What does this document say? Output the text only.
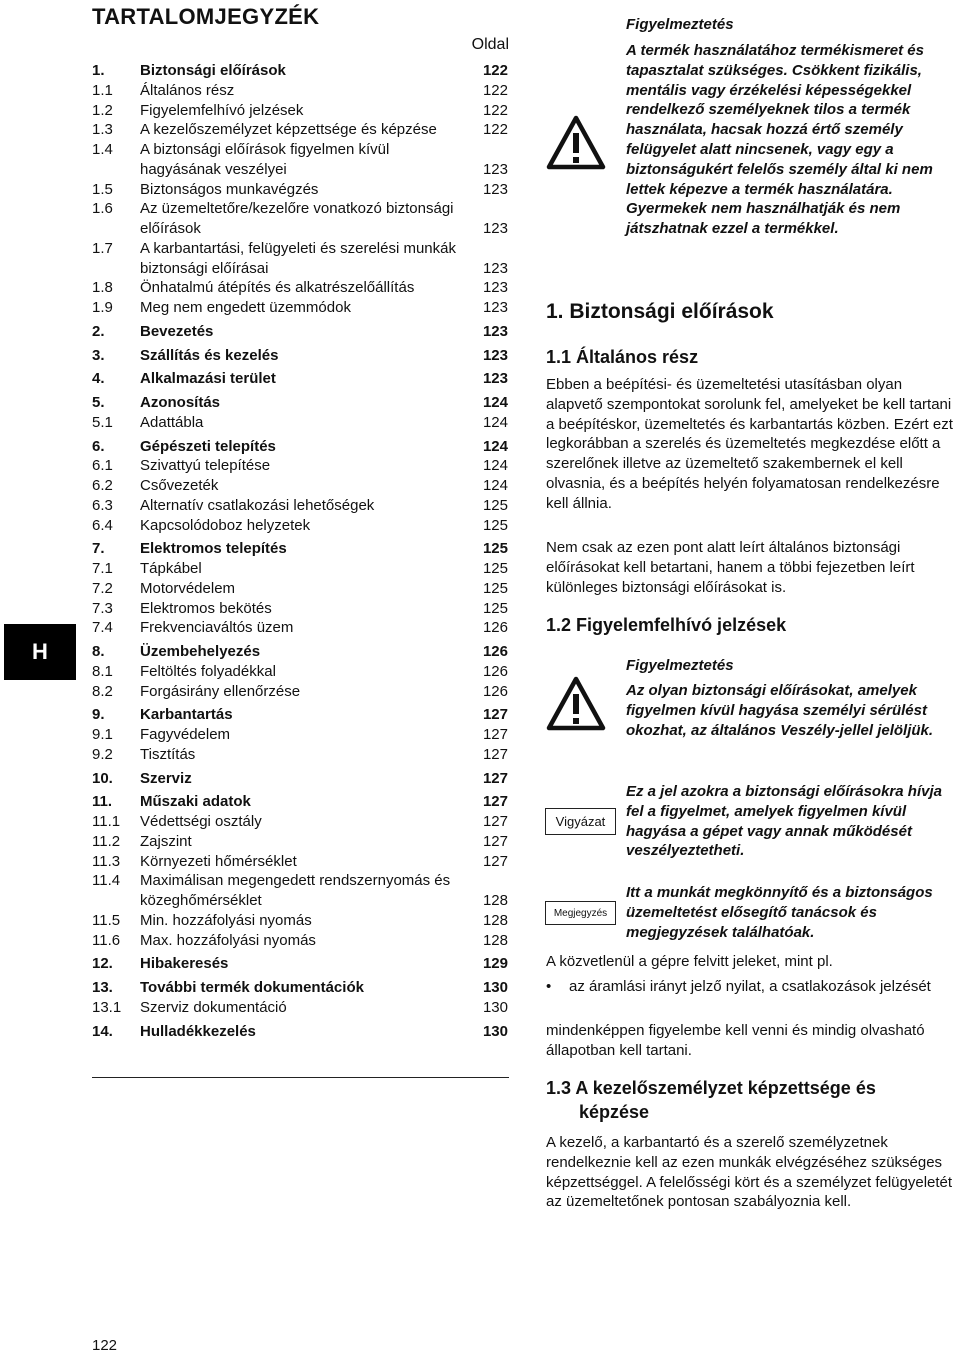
TARTALOMJEGYZÉK
Oldal
1. Biztonsági előírások	122
1.1 Általános rész	122
1.2 Figyelemfelhívó jelzések	122
1.3 A kezelőszemélyzet képzettsége és képzése	122
1.4 A biztonsági előírások figyelmen kívül hagyásának veszélyei	123
1.5 Biztonságos munkavégzés	123
1.6 Az üzemeltetőre/kezelőre vonatkozó biztonsági előírások	123
1.7 A karbantartási, felügyeleti és szerelési munkák biztonsági előírásai	123
1.8 Önhatalmú átépítés és alkatrészelőállítás	123
1.9 Meg nem engedett üzemmódok	123
2. Bevezetés	123
3. Szállítás és kezelés	123
4. Alkalmazási terület	123
5. Azonosítás	124
5.1 Adattábla	124
6. Gépészeti telepítés	124
6.1 Szivattyú telepítése	124
6.2 Csővezeték	124
6.3 Alternatív csatlakozási lehetőségek	125
6.4 Kapcsolódoboz helyzetek	125
7. Elektromos telepítés	125
7.1 Tápkábel	125
7.2 Motorvédelem	125
7.3 Elektromos bekötés	125
7.4 Frekvenciaváltós üzem	126
8. Üzembehelyezés	126
8.1 Feltöltés folyadékkal	126
8.2 Forgásirány ellenőrzése	126
9. Karbantartás	127
9.1 Fagyvédelem	127
9.2 Tisztítás	127
10. Szerviz	127
11. Műszaki adatok	127
11.1 Védettségi osztály	127
11.2 Zajszint	127
11.3 Környezeti hőmérséklet	127
11.4 Maximálisan megengedett rendszernyomás és közeghőmérséklet	128
11.5 Min. hozzáfolyási nyomás	128
11.6 Max. hozzáfolyási nyomás	128
12. Hibakeresés	129
13. További termék dokumentációk	130
13.1 Szerviz dokumentáció	130
14. Hulladékkezelés	130
H
122
Figyelmeztetés
A termék használatához termékismeret és tapasztalat szükséges. Csökkent fizikális, mentális vagy érzékelési képességekkel rendelkező személyeknek tilos a termék használata, hacsak hozzá értő személy felügyelet alatt nincsenek, vagy egy a biztonságukért felelős személy által ki nem lettek képezve a termék használatára. Gyermekek nem használhatják és nem játszhatnak ezzel a termékkel.
1. Biztonsági előírások
1.1 Általános rész
Ebben a beépítési- és üzemeltetési utasításban olyan alapvető szempontokat sorolunk fel, amelyeket be kell tartani a beépítéskor, üzemeltetés és karbantartás közben. Ezért ezt legkorábban a szerelés és üzemeltetés megkezdése előtt a szerelőnek illetve az üzemeltető szakembernek el kell olvasnia, és a beépítés helyén folyamatosan rendelkezésre kell állnia.
Nem csak az ezen pont alatt leírt általános biztonsági előírásokat kell betartani, hanem a többi fejezetben leírt különleges biztonsági előírásokat is.
1.2 Figyelemfelhívó jelzések
Figyelmeztetés
Az olyan biztonsági előírásokat, amelyek figyelmen kívül hagyása személyi sérülést okozhat, az általános Veszély-jellel jelöljük.
Vigyázat
Ez a jel azokra a biztonsági előírásokra hívja fel a figyelmet, amelyek figyelmen kívül hagyása a gépet vagy annak működését veszélyeztetheti.
Megjegyzés
Itt a munkát megkönnyítő és a biztonságos üzemeltetést elősegítő tanácsok és megjegyzések találhatóak.
A közvetlenül a gépre felvitt jeleket, mint pl.
• az áramlási irányt jelző nyilat, a csatlakozások jelzését
mindenképpen figyelembe kell venni és mindig olvasható állapotban kell tartani.
1.3 A kezelőszemélyzet képzettsége és képzése
A kezelő, a karbantartó és a szerelő személyzetnek rendelkeznie kell az ezen munkák elvégzéséhez szükséges képzettséggel. A felelősségi kört és a személyzet felügyeletét az üzemeltetőnek pontosan szabályoznia kell.
